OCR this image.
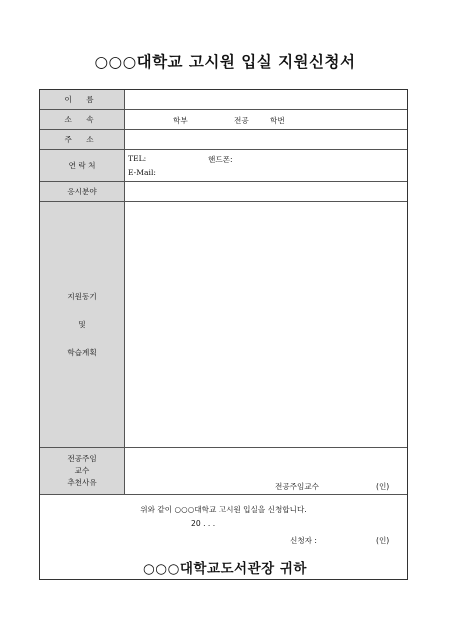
○○○대학교 고시원 입실 지원신청서
이 름
소 속	학부	전공	학번
주 소
연 락 처
TEL:	핸드폰:
E-Mail:
응시분야
지원동기
및
학습계획
전공주임
교수
추천사유	전공주임교수	(인)
위와 같이 ○○○대학교 고시원 입실을 신청합니다.
20 . . .
신청자 :	(인)
○○○대학교도서관장 귀하
